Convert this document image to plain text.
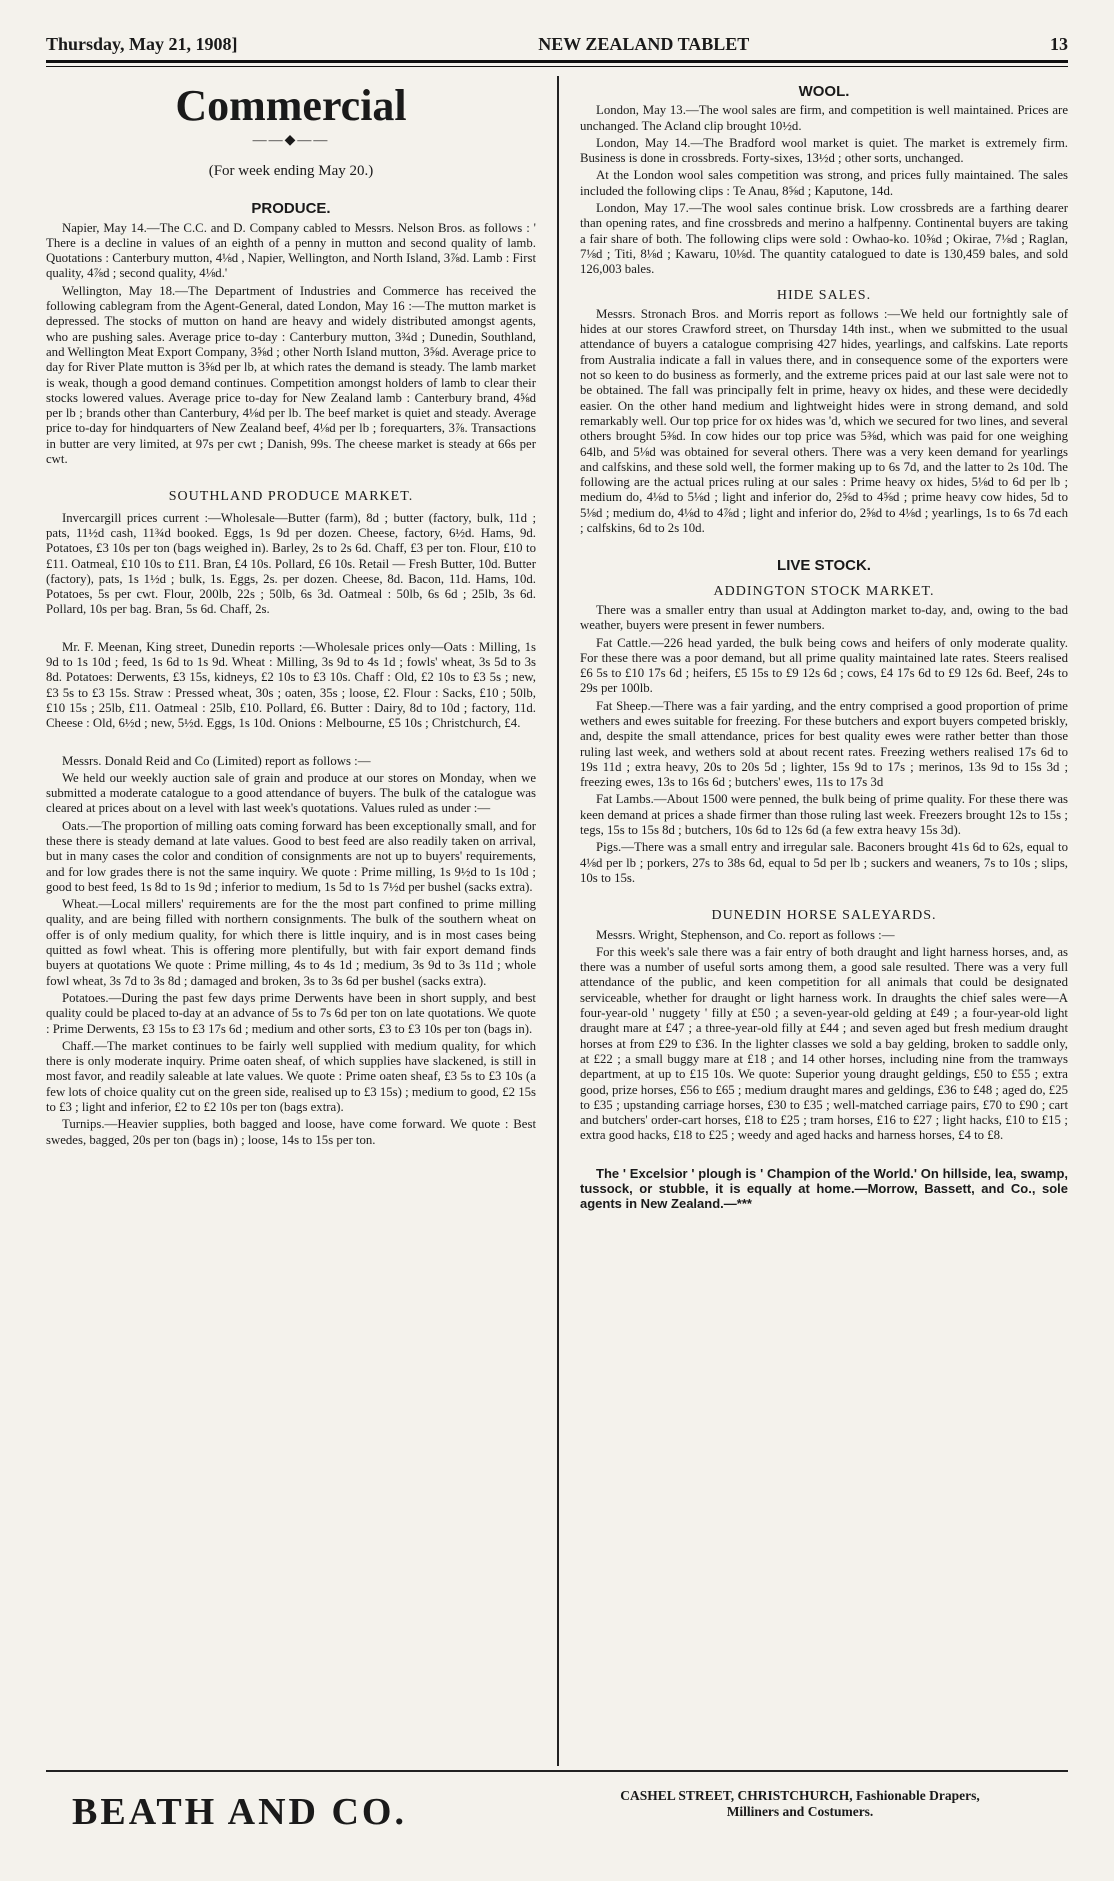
Thursday, May 21, 1908]	NEW ZEALAND TABLET	13
Commercial
——◆——
(For week ending May 20.)
PRODUCE.

Napier, May 14.—The C.C. and D. Company cabled to Messrs. Nelson Bros. as follows : ' There is a decline in values of an eighth of a penny in mutton and second quality of lamb. Quotations : Canterbury mutton, 4⅛d , Napier, Wellington, and North Island, 3⅞d. Lamb : First quality, 4⅞d ; second quality, 4⅛d.'

Wellington, May 18.—The Department of Industries and Commerce has received the following cablegram from the Agent-General, dated London, May 16 :—The mutton market is depressed. The stocks of mutton on hand are heavy and widely distributed amongst agents, who are pushing sales. Average price to-day : Canterbury mutton, 3¾d ; Dunedin, Southland, and Wellington Meat Export Company, 3⅝d ; other North Island mutton, 3⅝d. Average price to day for River Plate mutton is 3⅝d per lb, at which rates the demand is steady. The lamb market is weak, though a good demand continues. Competition amongst holders of lamb to clear their stocks lowered values. Average price to-day for New Zealand lamb : Canterbury brand, 4⅝d per lb ; brands other than Canterbury, 4⅛d per lb. The beef market is quiet and steady. Average price to-day for hindquarters of New Zealand beef, 4⅛d per lb ; forequarters, 3⅞. Transactions in butter are very limited, at 97s per cwt ; Danish, 99s. The cheese market is steady at 66s per cwt.

SOUTHLAND PRODUCE MARKET.

Invercargill prices current :—Wholesale—Butter (farm), 8d ; butter (factory, bulk, 11d ; pats, 11½d cash, 11¾d booked. Eggs, 1s 9d per dozen. Cheese, factory, 6½d. Hams, 9d. Potatoes, £3 10s per ton (bags weighed in). Barley, 2s to 2s 6d. Chaff, £3 per ton. Flour, £10 to £11. Oatmeal, £10 10s to £11. Bran, £4 10s. Pollard, £6 10s. Retail — Fresh Butter, 10d. Butter (factory), pats, 1s 1½d ; bulk, 1s. Eggs, 2s. per dozen. Cheese, 8d. Bacon, 11d. Hams, 10d. Potatoes, 5s per cwt. Flour, 200lb, 22s ; 50lb, 6s 3d. Oatmeal : 50lb, 6s 6d ; 25lb, 3s 6d. Pollard, 10s per bag. Bran, 5s 6d. Chaff, 2s.

Mr. F. Meenan, King street, Dunedin reports :—Wholesale prices only—Oats : Milling, 1s 9d to 1s 10d ; feed, 1s 6d to 1s 9d. Wheat : Milling, 3s 9d to 4s 1d ; fowls' wheat, 3s 5d to 3s 8d. Potatoes: Derwents, £3 15s, kidneys, £2 10s to £3 10s. Chaff : Old, £2 10s to £3 5s ; new, £3 5s to £3 15s. Straw : Pressed wheat, 30s ; oaten, 35s ; loose, £2. Flour : Sacks, £10 ; 50lb, £10 15s ; 25lb, £11. Oatmeal : 25lb, £10. Pollard, £6. Butter : Dairy, 8d to 10d ; factory, 11d. Cheese : Old, 6½d ; new, 5½d. Eggs, 1s 10d. Onions : Melbourne, £5 10s ; Christchurch, £4.

Messrs. Donald Reid and Co (Limited) report as follows :—

We held our weekly auction sale of grain and produce at our stores on Monday, when we submitted a moderate catalogue to a good attendance of buyers. The bulk of the catalogue was cleared at prices about on a level with last week's quotations. Values ruled as under :—

Oats.—The proportion of milling oats coming forward has been exceptionally small, and for these there is steady demand at late values. Good to best feed are also readily taken on arrival, but in many cases the color and condition of consignments are not up to buyers' requirements, and for low grades there is not the same inquiry. We quote : Prime milling, 1s 9½d to 1s 10d ; good to best feed, 1s 8d to 1s 9d ; inferior to medium, 1s 5d to 1s 7½d per bushel (sacks extra).

Wheat.—Local millers' requirements are for the the most part confined to prime milling quality, and are being filled with northern consignments. The bulk of the southern wheat on offer is of only medium quality, for which there is little inquiry, and is in most cases being quitted as fowl wheat. This is offering more plentifully, but with fair export demand finds buyers at quotations We quote : Prime milling, 4s to 4s 1d ; medium, 3s 9d to 3s 11d ; whole fowl wheat, 3s 7d to 3s 8d ; damaged and broken, 3s to 3s 6d per bushel (sacks extra).

Potatoes.—During the past few days prime Derwents have been in short supply, and best quality could be placed to-day at an advance of 5s to 7s 6d per ton on late quotations. We quote : Prime Derwents, £3 15s to £3 17s 6d ; medium and other sorts, £3 to £3 10s per ton (bags in).

Chaff.—The market continues to be fairly well supplied with medium quality, for which there is only moderate inquiry. Prime oaten sheaf, of which supplies have slackened, is still in most favor, and readily saleable at late values. We quote : Prime oaten sheaf, £3 5s to £3 10s (a few lots of choice quality cut on the green side, realised up to £3 15s) ; medium to good, £2 15s to £3 ; light and inferior, £2 to £2 10s per ton (bags extra).

Turnips.—Heavier supplies, both bagged and loose, have come forward. We quote : Best swedes, bagged, 20s per ton (bags in) ; loose, 14s to 15s per ton.

WOOL.

London, May 13.—The wool sales are firm, and competition is well maintained. Prices are unchanged. The Acland clip brought 10½d.

London, May 14.—The Bradford wool market is quiet. The market is extremely firm. Business is done in crossbreds. Forty-sixes, 13½d ; other sorts, unchanged.

At the London wool sales competition was strong, and prices fully maintained. The sales included the following clips : Te Anau, 8⅝d ; Kaputone, 14d.

London, May 17.—The wool sales continue brisk. Low crossbreds are a farthing dearer than opening rates, and fine crossbreds and merino a halfpenny. Continental buyers are taking a fair share of both. The following clips were sold : Owhao-ko. 10⅝d ; Okirae, 7⅛d ; Raglan, 7⅛d ; Titi, 8⅛d ; Kawaru, 10⅛d. The quantity catalogued to date is 130,459 bales, and sold 126,003 bales.

HIDE SALES.

Messrs. Stronach Bros. and Morris report as follows :—We held our fortnightly sale of hides at our stores Crawford street, on Thursday 14th inst., when we submitted to the usual attendance of buyers a catalogue comprising 427 hides, yearlings, and calfskins. Late reports from Australia indicate a fall in values there, and in consequence some of the exporters were not so keen to do business as formerly, and the extreme prices paid at our last sale were not to be obtained. The fall was principally felt in prime, heavy ox hides, and these were decidedly easier. On the other hand medium and lightweight hides were in strong demand, and sold remarkably well. Our top price for ox hides was 'd, which we secured for two lines, and several others brought 5⅜d. In cow hides our top price was 5⅜d, which was paid for one weighing 64lb, and 5⅛d was obtained for several others. There was a very keen demand for yearlings and calfskins, and these sold well, the former making up to 6s 7d, and the latter to 2s 10d. The following are the actual prices ruling at our sales : Prime heavy ox hides, 5⅛d to 6d per lb ; medium do, 4⅛d to 5⅛d ; light and inferior do, 2⅝d to 4⅝d ; prime heavy cow hides, 5d to 5⅛d ; medium do, 4⅛d to 4⅞d ; light and inferior do, 2⅝d to 4⅛d ; yearlings, 1s to 6s 7d each ; calfskins, 6d to 2s 10d.

LIVE STOCK.
ADDINGTON STOCK MARKET.

There was a smaller entry than usual at Addington market to-day, and, owing to the bad weather, buyers were present in fewer numbers.

Fat Cattle.—226 head yarded, the bulk being cows and heifers of only moderate quality. For these there was a poor demand, but all prime quality maintained late rates. Steers realised £6 5s to £10 17s 6d ; heifers, £5 15s to £9 12s 6d ; cows, £4 17s 6d to £9 12s 6d. Beef, 24s to 29s per 100lb.

Fat Sheep.—There was a fair yarding, and the entry comprised a good proportion of prime wethers and ewes suitable for freezing. For these butchers and export buyers competed briskly, and, despite the small attendance, prices for best quality ewes were rather better than those ruling last week, and wethers sold at about recent rates. Freezing wethers realised 17s 6d to 19s 11d ; extra heavy, 20s to 20s 5d ; lighter, 15s 9d to 17s ; merinos, 13s 9d to 15s 3d ; freezing ewes, 13s to 16s 6d ; butchers' ewes, 11s to 17s 3d

Fat Lambs.—About 1500 were penned, the bulk being of prime quality. For these there was keen demand at prices a shade firmer than those ruling last week. Freezers brought 12s to 15s ; tegs, 15s to 15s 8d ; butchers, 10s 6d to 12s 6d (a few extra heavy 15s 3d).

Pigs.—There was a small entry and irregular sale. Baconers brought 41s 6d to 62s, equal to 4⅛d per lb ; porkers, 27s to 38s 6d, equal to 5d per lb ; suckers and weaners, 7s to 10s ; slips, 10s to 15s.

DUNEDIN HORSE SALEYARDS.

Messrs. Wright, Stephenson, and Co. report as follows :—

For this week's sale there was a fair entry of both draught and light harness horses, and, as there was a number of useful sorts among them, a good sale resulted. There was a very full attendance of the public, and keen competition for all animals that could be designated serviceable, whether for draught or light harness work. In draughts the chief sales were—A four-year-old ' nuggety ' filly at £50 ; a seven-year-old gelding at £49 ; a four-year-old light draught mare at £47 ; a three-year-old filly at £44 ; and seven aged but fresh medium draught horses at from £29 to £36. In the lighter classes we sold a bay gelding, broken to saddle only, at £22 ; a small buggy mare at £18 ; and 14 other horses, including nine from the tramways department, at up to £15 10s. We quote: Superior young draught geldings, £50 to £55 ; extra good, prize horses, £56 to £65 ; medium draught mares and geldings, £36 to £48 ; aged do, £25 to £35 ; upstanding carriage horses, £30 to £35 ; well-matched carriage pairs, £70 to £90 ; cart and butchers' order-cart horses, £18 to £25 ; tram horses, £16 to £27 ; light hacks, £10 to £15 ; extra good hacks, £18 to £25 ; weedy and aged hacks and harness horses, £4 to £8.

The ' Excelsior ' plough is ' Champion of the World.' On hillside, lea, swamp, tussock, or stubble, it is equally at home.—Morrow, Bassett, and Co., sole agents in New Zealand.—***

BEATH AND CO.	CASHEL STREET, CHRISTCHURCH, Fashionable Drapers,
Milliners and Costumers.
